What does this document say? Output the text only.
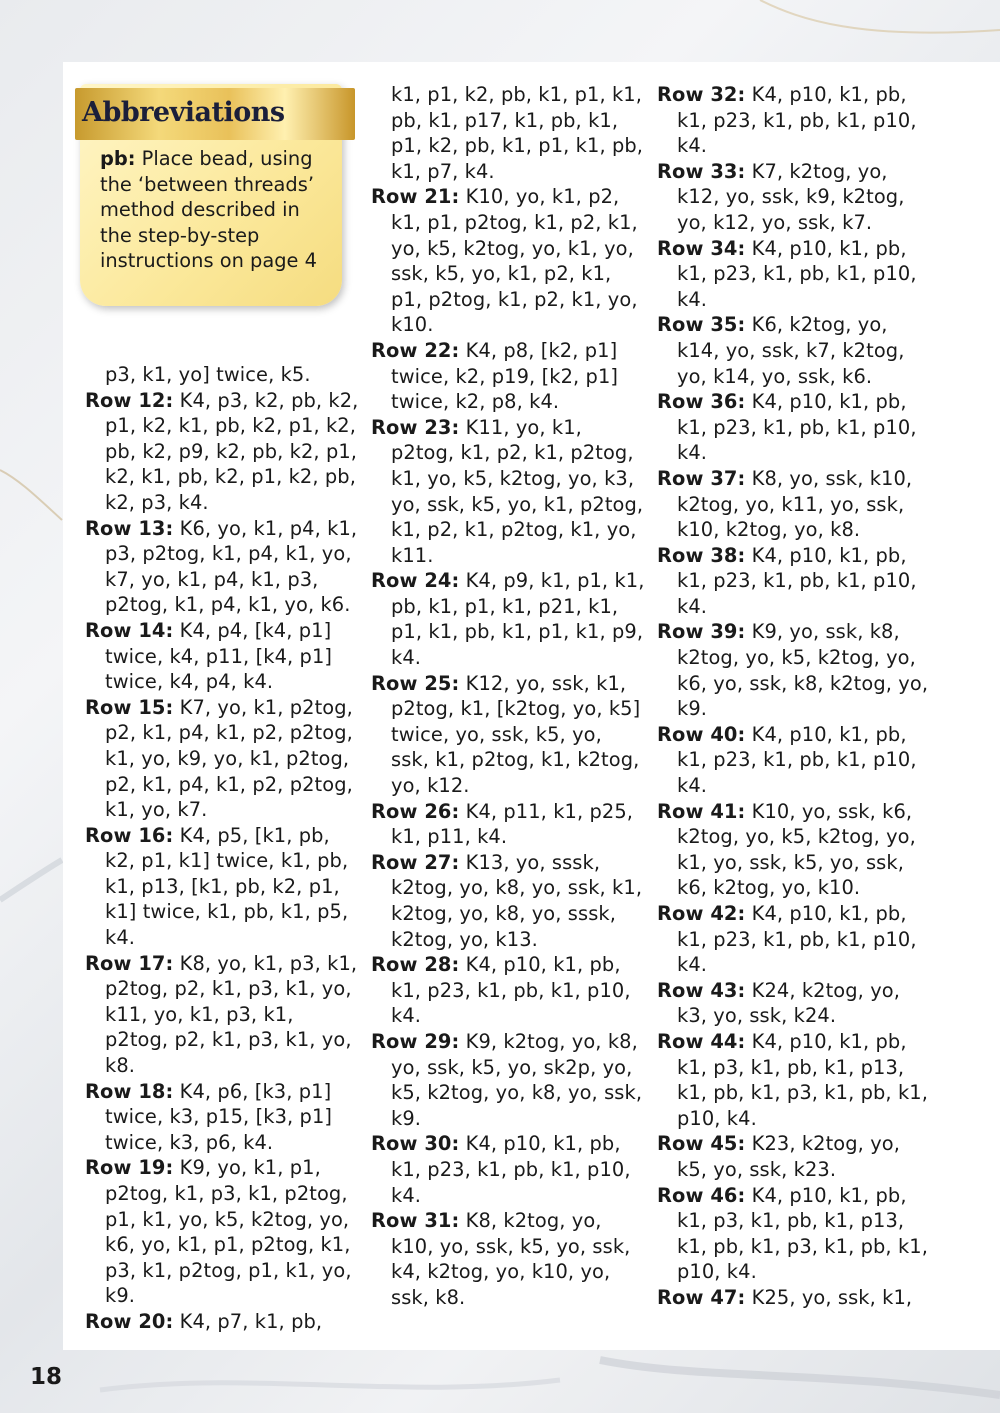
Abbreviations
pb: Place bead, using the ‘between threads’ method described in the step-by-step instructions on page 4

p3, k1, yo] twice, k5.

Row 12: K4, p3, k2, pb, k2, p1, k2, k1, pb, k2, p1, k2, pb, k2, p9, k2, pb, k2, p1, k2, k1, pb, k2, p1, k2, pb, k2, p3, k4.

Row 13: K6, yo, k1, p4, k1, p3, p2tog, k1, p4, k1, yo, k7, yo, k1, p4, k1, p3, p2tog, k1, p4, k1, yo, k6.

Row 14: K4, p4, [k4, p1] twice, k4, p11, [k4, p1] twice, k4, p4, k4.

Row 15: K7, yo, k1, p2tog, p2, k1, p4, k1, p2, p2tog, k1, yo, k9, yo, k1, p2tog, p2, k1, p4, k1, p2, p2tog, k1, yo, k7.

Row 16: K4, p5, [k1, pb, k2, p1, k1] twice, k1, pb, k1, p13, [k1, pb, k2, p1, k1] twice, k1, pb, k1, p5, k4.

Row 17: K8, yo, k1, p3, k1, p2tog, p2, k1, p3, k1, yo, k11, yo, k1, p3, k1, p2tog, p2, k1, p3, k1, yo, k8.

Row 18: K4, p6, [k3, p1] twice, k3, p15, [k3, p1] twice, k3, p6, k4.

Row 19: K9, yo, k1, p1, p2tog, k1, p3, k1, p2tog, p1, k1, yo, k5, k2tog, yo, k6, yo, k1, p1, p2tog, k1, p3, k1, p2tog, p1, k1, yo, k9.

Row 20: K4, p7, k1, pb,

k1, p1, k2, pb, k1, p1, k1, pb, k1, p17, k1, pb, k1, p1, k2, pb, k1, p1, k1, pb, k1, p7, k4.

Row 21: K10, yo, k1, p2, k1, p1, p2tog, k1, p2, k1, yo, k5, k2tog, yo, k1, yo, ssk, k5, yo, k1, p2, k1, p1, p2tog, k1, p2, k1, yo, k10.

Row 22: K4, p8, [k2, p1] twice, k2, p19, [k2, p1] twice, k2, p8, k4.

Row 23: K11, yo, k1, p2tog, k1, p2, k1, p2tog, k1, yo, k5, k2tog, yo, k3, yo, ssk, k5, yo, k1, p2tog, k1, p2, k1, p2tog, k1, yo, k11.

Row 24: K4, p9, k1, p1, k1, pb, k1, p1, k1, p21, k1, p1, k1, pb, k1, p1, k1, p9, k4.

Row 25: K12, yo, ssk, k1, p2tog, k1, [k2tog, yo, k5] twice, yo, ssk, k5, yo, ssk, k1, p2tog, k1, k2tog, yo, k12.

Row 26: K4, p11, k1, p25, k1, p11, k4.

Row 27: K13, yo, sssk, k2tog, yo, k8, yo, ssk, k1, k2tog, yo, k8, yo, sssk, k2tog, yo, k13.

Row 28: K4, p10, k1, pb, k1, p23, k1, pb, k1, p10, k4.

Row 29: K9, k2tog, yo, k8, yo, ssk, k5, yo, sk2p, yo, k5, k2tog, yo, k8, yo, ssk, k9.

Row 30: K4, p10, k1, pb, k1, p23, k1, pb, k1, p10, k4.

Row 31: K8, k2tog, yo, k10, yo, ssk, k5, yo, ssk, k4, k2tog, yo, k10, yo, ssk, k8.

Row 32: K4, p10, k1, pb, k1, p23, k1, pb, k1, p10, k4.

Row 33: K7, k2tog, yo, k12, yo, ssk, k9, k2tog, yo, k12, yo, ssk, k7.

Row 34: K4, p10, k1, pb, k1, p23, k1, pb, k1, p10, k4.

Row 35: K6, k2tog, yo, k14, yo, ssk, k7, k2tog, yo, k14, yo, ssk, k6.

Row 36: K4, p10, k1, pb, k1, p23, k1, pb, k1, p10, k4.

Row 37: K8, yo, ssk, k10, k2tog, yo, k11, yo, ssk, k10, k2tog, yo, k8.

Row 38: K4, p10, k1, pb, k1, p23, k1, pb, k1, p10, k4.

Row 39: K9, yo, ssk, k8, k2tog, yo, k5, k2tog, yo, k6, yo, ssk, k8, k2tog, yo, k9.

Row 40: K4, p10, k1, pb, k1, p23, k1, pb, k1, p10, k4.

Row 41: K10, yo, ssk, k6, k2tog, yo, k5, k2tog, yo, k1, yo, ssk, k5, yo, ssk, k6, k2tog, yo, k10.

Row 42: K4, p10, k1, pb, k1, p23, k1, pb, k1, p10, k4.

Row 43: K24, k2tog, yo, k3, yo, ssk, k24.

Row 44: K4, p10, k1, pb, k1, p3, k1, pb, k1, p13, k1, pb, k1, p3, k1, pb, k1, p10, k4.

Row 45: K23, k2tog, yo, k5, yo, ssk, k23.

Row 46: K4, p10, k1, pb, k1, p3, k1, pb, k1, p13, k1, pb, k1, p3, k1, pb, k1, p10, k4.

Row 47: K25, yo, ssk, k1,

18
